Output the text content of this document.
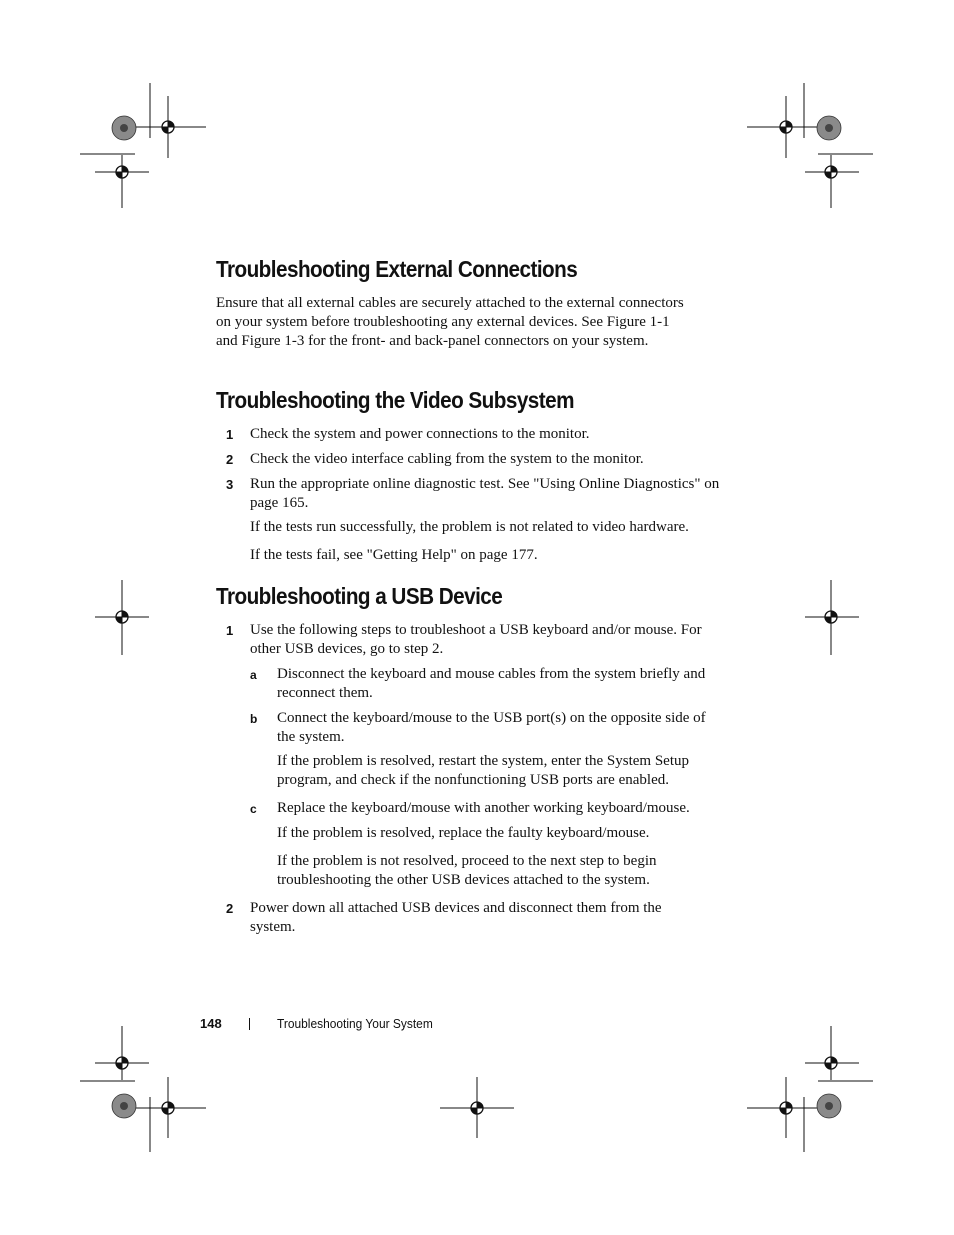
Troubleshooting External Connections

Ensure that all external cables are securely attached to the external connectors on your system before troubleshooting any external devices. See Figure 1-1 and Figure 1-3 for the front- and back-panel connectors on your system.

Troubleshooting the Video Subsystem
1 Check the system and power connections to the monitor.

2 Check the video interface cabling from the system to the monitor.

3 Run the appropriate online diagnostic test. See "Using Online Diagnostics" on page 165.

If the tests run successfully, the problem is not related to video hardware.

If the tests fail, see "Getting Help" on page 177.

Troubleshooting a USB Device
1 Use the following steps to troubleshoot a USB keyboard and/or mouse. For other USB devices, go to step 2.

a Disconnect the keyboard and mouse cables from the system briefly and reconnect them.

b Connect the keyboard/mouse to the USB port(s) on the opposite side of the system.

If the problem is resolved, restart the system, enter the System Setup program, and check if the nonfunctioning USB ports are enabled.

c Replace the keyboard/mouse with another working keyboard/mouse.

If the problem is resolved, replace the faulty keyboard/mouse.

If the problem is not resolved, proceed to the next step to begin troubleshooting the other USB devices attached to the system.

2 Power down all attached USB devices and disconnect them from the system.

148	Troubleshooting Your System
